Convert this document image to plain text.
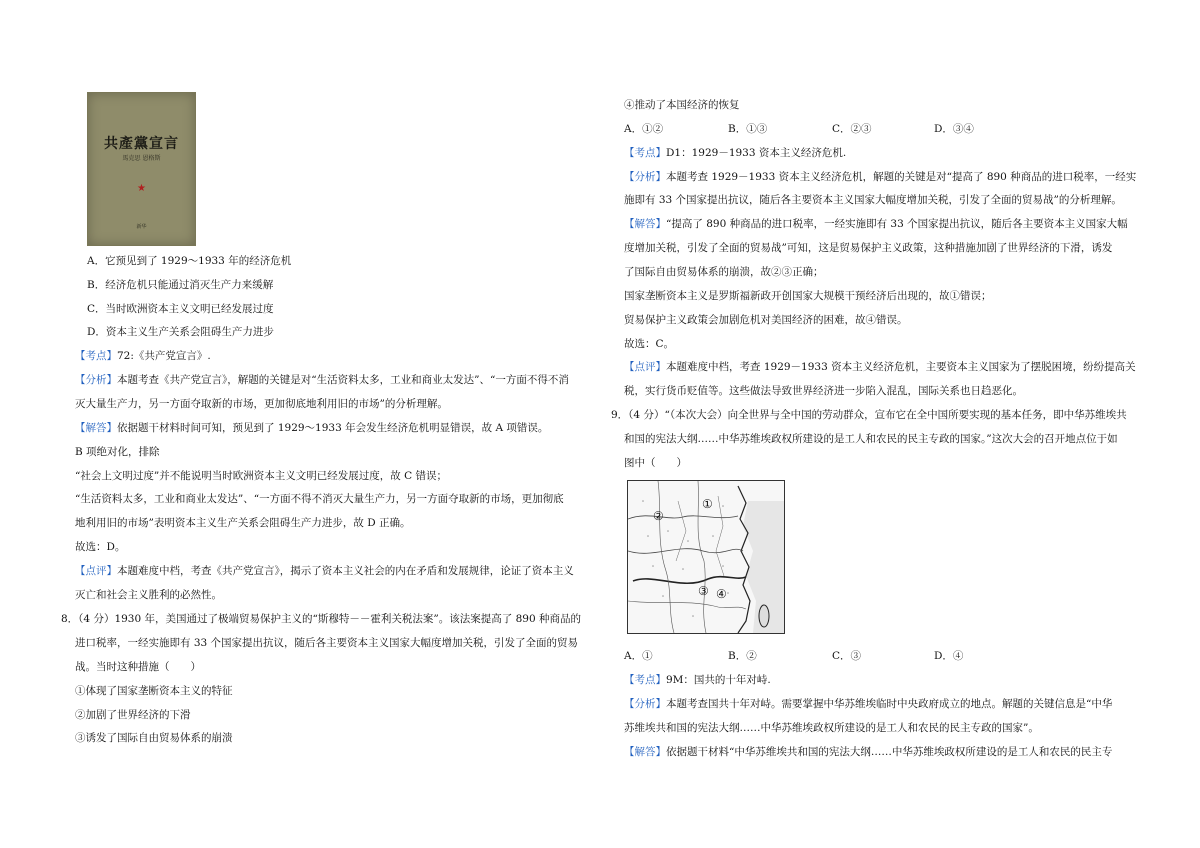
共產黨宣言
馬克思 恩格斯
★
新华
A．它预见到了 1929～1933 年的经济危机
B．经济危机只能通过消灭生产力来缓解
C．当时欧洲资本主义文明已经发展过度
D．资本主义生产关系会阻碍生产力进步
【考点】72:《共产党宣言》.
【分析】本题考查《共产党宣言》，解题的关键是对“生活资料太多，工业和商业太发达”、“一方面不得不消
灭大量生产力，另一方面夺取新的市场，更加彻底地利用旧的市场”的分析理解。
【解答】依据题干材料时间可知，预见到了 1929～1933 年会发生经济危机明显错误，故 A 项错误。
B 项绝对化，排除
“社会上文明过度”并不能说明当时欧洲资本主义文明已经发展过度，故 C 错误；
“生活资料太多，工业和商业太发达”、“一方面不得不消灭大量生产力，另一方面夺取新的市场，更加彻底
地利用旧的市场”表明资本主义生产关系会阻碍生产力进步，故 D 正确。
故选：D。
【点评】本题难度中档，考查《共产党宣言》，揭示了资本主义社会的内在矛盾和发展规律，论证了资本主义
灭亡和社会主义胜利的必然性。
8．（4 分）1930 年，美国通过了极端贸易保护主义的“斯穆特－－霍利关税法案”。该法案提高了 890 种商品的
进口税率，一经实施即有 33 个国家提出抗议，随后各主要资本主义国家大幅度增加关税，引发了全面的贸易
战。当时这种措施（　　）
①体现了国家垄断资本主义的特征
②加剧了世界经济的下滑
③诱发了国际自由贸易体系的崩溃
④推动了本国经济的恢复
A．①②	B．①③	C．②③	D．③④
【考点】D1：1929－1933 资本主义经济危机.
【分析】本题考查 1929－1933 资本主义经济危机，解题的关键是对“提高了 890 种商品的进口税率，一经实
施即有 33 个国家提出抗议，随后各主要资本主义国家大幅度增加关税，引发了全面的贸易战”的分析理解。
【解答】“提高了 890 种商品的进口税率，一经实施即有 33 个国家提出抗议，随后各主要资本主义国家大幅
度增加关税，引发了全面的贸易战”可知，这是贸易保护主义政策，这种措施加剧了世界经济的下滑，诱发
了国际自由贸易体系的崩溃，故②③正确；
国家垄断资本主义是罗斯福新政开创国家大规模干预经济后出现的，故①错误；
贸易保护主义政策会加剧危机对美国经济的困难，故④错误。
故选：C。
【点评】本题难度中档，考查 1929－1933 资本主义经济危机，主要资本主义国家为了摆脱困境，纷纷提高关
税，实行货币贬值等。这些做法导致世界经济进一步陷入混乱，国际关系也日趋恶化。
9．（4 分）“（本次大会）向全世界与全中国的劳动群众，宣布它在全中国所要实现的基本任务，即中华苏维埃共
和国的宪法大纲……中华苏维埃政权所建设的是工人和农民的民主专政的国家。”这次大会的召开地点位于如
图中（　　）
①
②
③ ④
A．①	B．②	C．③	D．④
【考点】9M：国共的十年对峙.
【分析】本题考查国共十年对峙。需要掌握中华苏维埃临时中央政府成立的地点。解题的关键信息是“中华
苏维埃共和国的宪法大纲……中华苏维埃政权所建设的是工人和农民的民主专政的国家”。
【解答】依据题干材料“中华苏维埃共和国的宪法大纲……中华苏维埃政权所建设的是工人和农民的民主专
